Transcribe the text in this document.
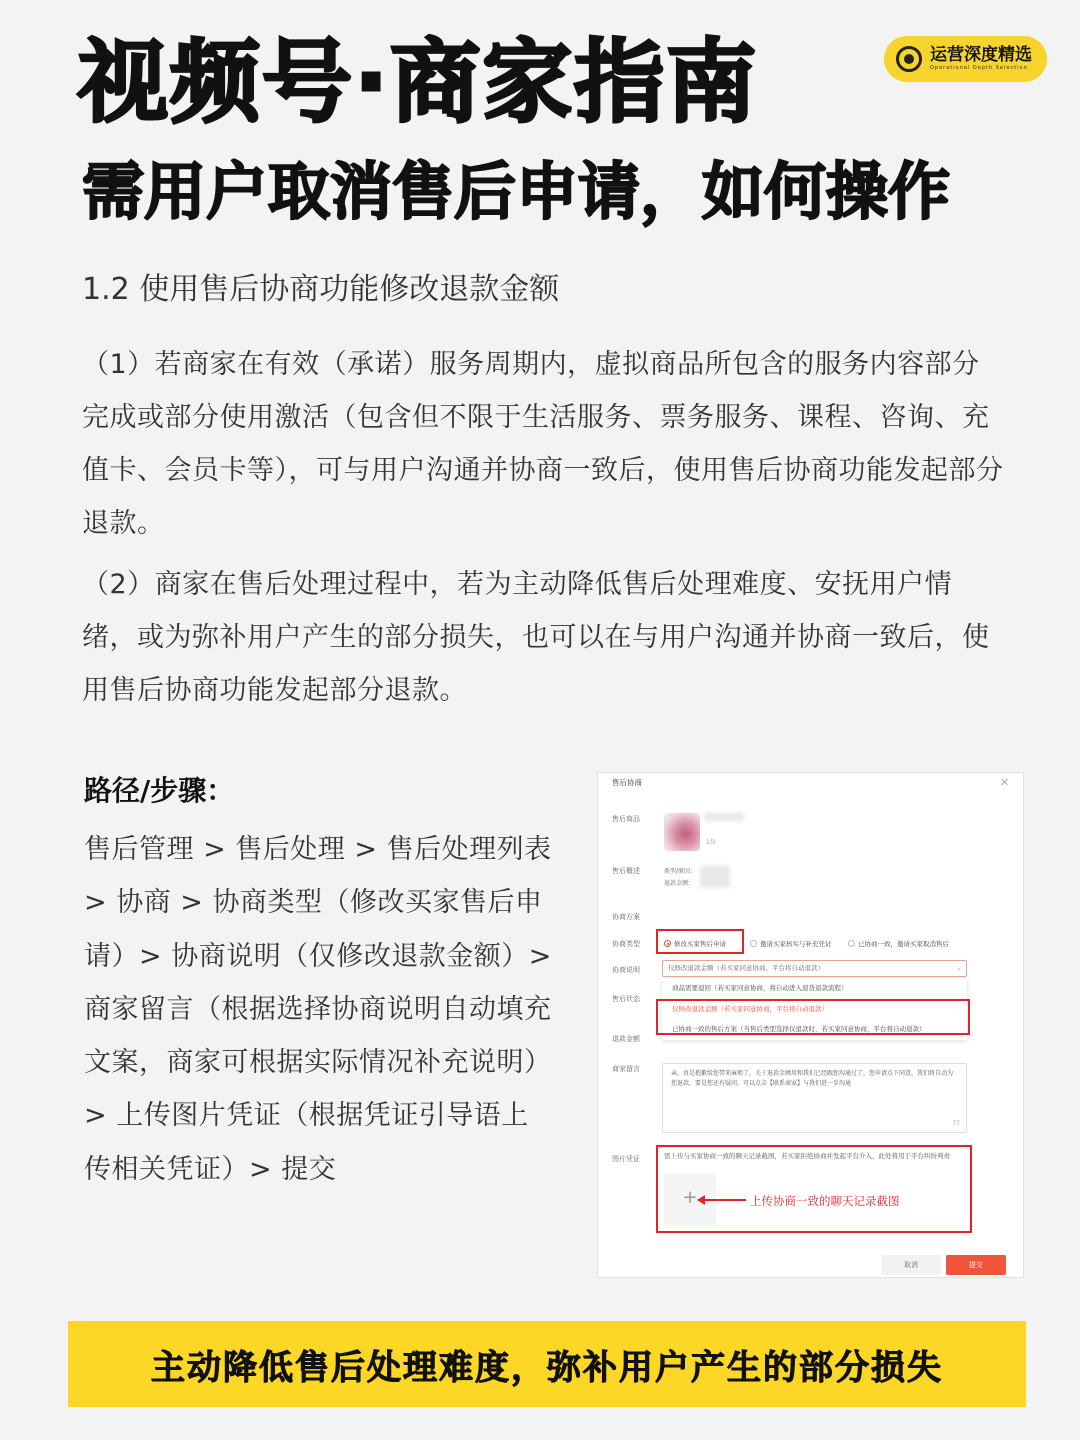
视频号·商家指南
需用户取消售后申请，如何操作
运营深度精选
Operational Depth Selection
1.2 使用售后协商功能修改退款金额
（1）若商家在有效（承诺）服务周期内，虚拟商品所包含的服务内容部分完成或部分使用激活（包含但不限于生活服务、票务服务、课程、咨询、充值卡、会员卡等），可与用户沟通并协商一致后，使用售后协商功能发起部分退款。
（2）商家在售后处理过程中，若为主动降低售后处理难度、安抚用户情绪，或为弥补用户产生的部分损失，也可以在与用户沟通并协商一致后，使用售后协商功能发起部分退款。
路径/步骤：
售后管理 > 售后处理 > 售后处理列表 > 协商 > 协商类型（修改买家售后申请）> 协商说明（仅修改退款金额）> 商家留言（根据选择协商说明自动填充文案，商家可根据实际情况补充说明）> 上传图片凭证（根据凭证引导语上传相关凭证）> 提交
售后协商	✕
售后商品
1份
售后概述	类型/原因：
退款金额：
协商方案
协商类型	修改买家售后申请	邀请买家核实与补充凭证	已协商一致，邀请买家取消售后
协商说明	仅修改退款金额（若买家同意协商，平台将自动退款）	⌄
售后状态
商品需要退回（若买家同意协商，将自动进入退货退款流程）
仅修改退款金额（若买家同意协商，平台将自动退款）
已协商一致的售后方案（当售后类型选择仅退款时，若买家同意协商，平台将自动退款）
退款金额
商家留言
亲，真是抱歉给您带来麻烦了，关于退款金额用和我们已经跟您沟通过了，您申请点下同意，我们将自动为您退款，要是您还有疑问，可以点击【联系商家】与我们进一步沟通
77
图片凭证	需上传与买家协商一致的聊天记录截图，若买家拒绝协商并发起平台介入，此处将用于平台纠纷判责
+	上传协商一致的聊天记录截图
取消	提交
主动降低售后处理难度，弥补用户产生的部分损失
